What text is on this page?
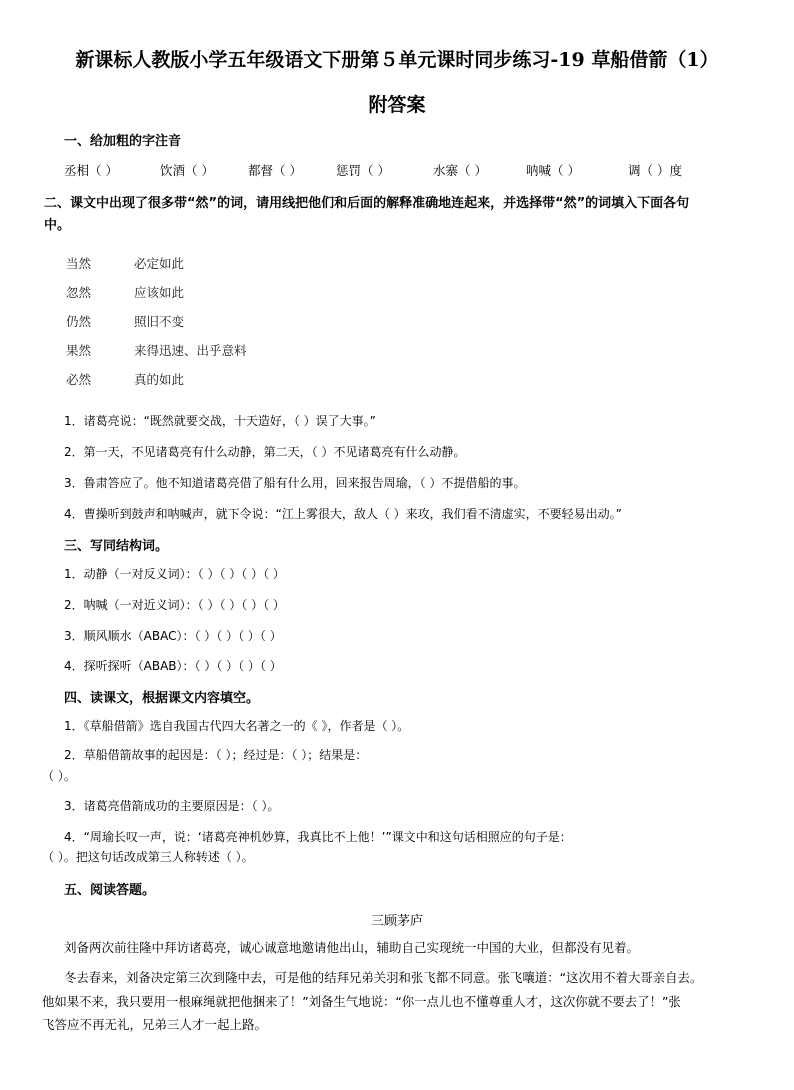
新课标人教版小学五年级语文下册第５单元课时同步练习-19 草船借箭（1）
附答案
一、给加粗的字注音
丞相（ ）	饮酒（ ）	都督（ ）	惩罚（ ）	水寨（ ）	呐喊（ ）	调（ ）度
二、课文中出现了很多带“然”的词，请用线把他们和后面的解释准确地连起来，并选择带“然”的词填入下面各句
中。
当然	必定如此
忽然	应该如此
仍然	照旧不变
果然	来得迅速、出乎意料
必然	真的如此
1．诸葛亮说：“既然就要交战，十天造好，（ ）误了大事。”
2．第一天，不见诸葛亮有什么动静，第二天，（ ）不见诸葛亮有什么动静。
3．鲁肃答应了。他不知道诸葛亮借了船有什么用，回来报告周瑜，（ ）不提借船的事。
4．曹操听到鼓声和呐喊声，就下令说：“江上雾很大，敌人（ ）来攻，我们看不清虚实，不要轻易出动。”
三、写同结构词。
1．动静（一对反义词）：（ ）（ ）（ ）（ ）
2．呐喊（一对近义词）：（ ）（ ）（ ）（ ）
3．顺风顺水（ABAC）：（ ）（ ）（ ）（ ）
4．探听探听（ABAB）：（ ）（ ）（ ）（ ）
四、读课文，根据课文内容填空。
1．《草船借箭》选自我国古代四大名著之一的《 》，作者是（ ）。
2．草船借箭故事的起因是：（ ）；经过是：（ ）；结果是：
（ ）。
3．诸葛亮借箭成功的主要原因是：（ ）。
4．“周瑜长叹一声，说：‘诸葛亮神机妙算，我真比不上他！’”课文中和这句话相照应的句子是：
（ ）。把这句话改成第三人称转述（ ）。
五、阅读答题。
三顾茅庐
刘备两次前往隆中拜访诸葛亮，诚心诚意地邀请他出山，辅助自己实现统一中国的大业，但都没有见着。
冬去春来，刘备决定第三次到隆中去，可是他的结拜兄弟关羽和张飞都不同意。张飞嚷道：“这次用不着大哥亲自去。
他如果不来，我只要用一根麻绳就把他捆来了！”刘备生气地说：“你一点儿也不懂尊重人才，这次你就不要去了！”张
飞答应不再无礼，兄弟三人才一起上路。
